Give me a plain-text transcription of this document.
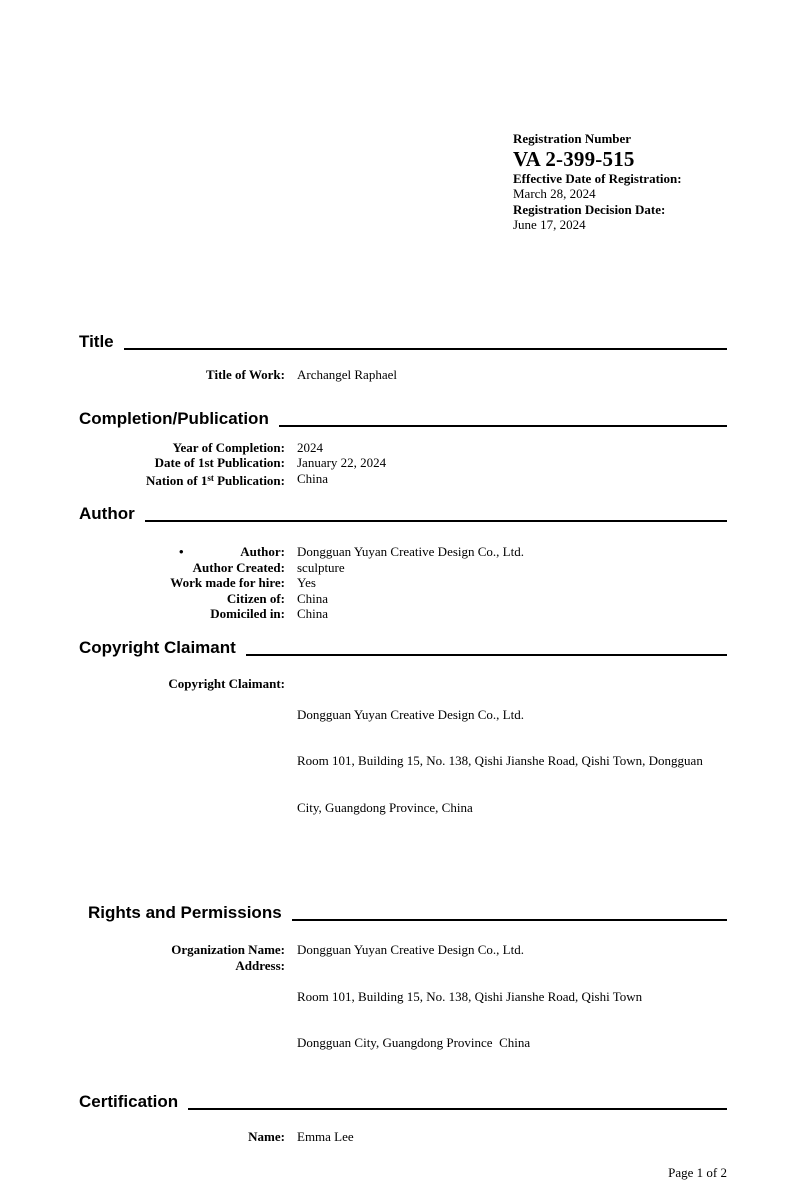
Registration Number
VA 2-399-515
Effective Date of Registration:
March 28, 2024
Registration Decision Date:
June 17, 2024
Title
Title of Work: Archangel Raphael
Completion/Publication
Year of Completion: 2024
Date of 1st Publication: January 22, 2024
Nation of 1st Publication: China
Author
•	Author: Dongguan Yuyan Creative Design Co., Ltd.
Author Created: sculpture
Work made for hire: Yes
Citizen of: China
Domiciled in: China
Copyright Claimant
Copyright Claimant:

Dongguan Yuyan Creative Design Co., Ltd.

Room 101, Building 15, No. 138, Qishi Jianshe Road, Qishi Town, Dongguan

City, Guangdong Province, China

Rights and Permissions
Organization Name: Dongguan Yuyan Creative Design Co., Ltd.
Address:

Room 101, Building 15, No. 138, Qishi Jianshe Road, Qishi Town

Dongguan City, Guangdong Province  China

Certification
Name: Emma Lee
Page 1 of 2
